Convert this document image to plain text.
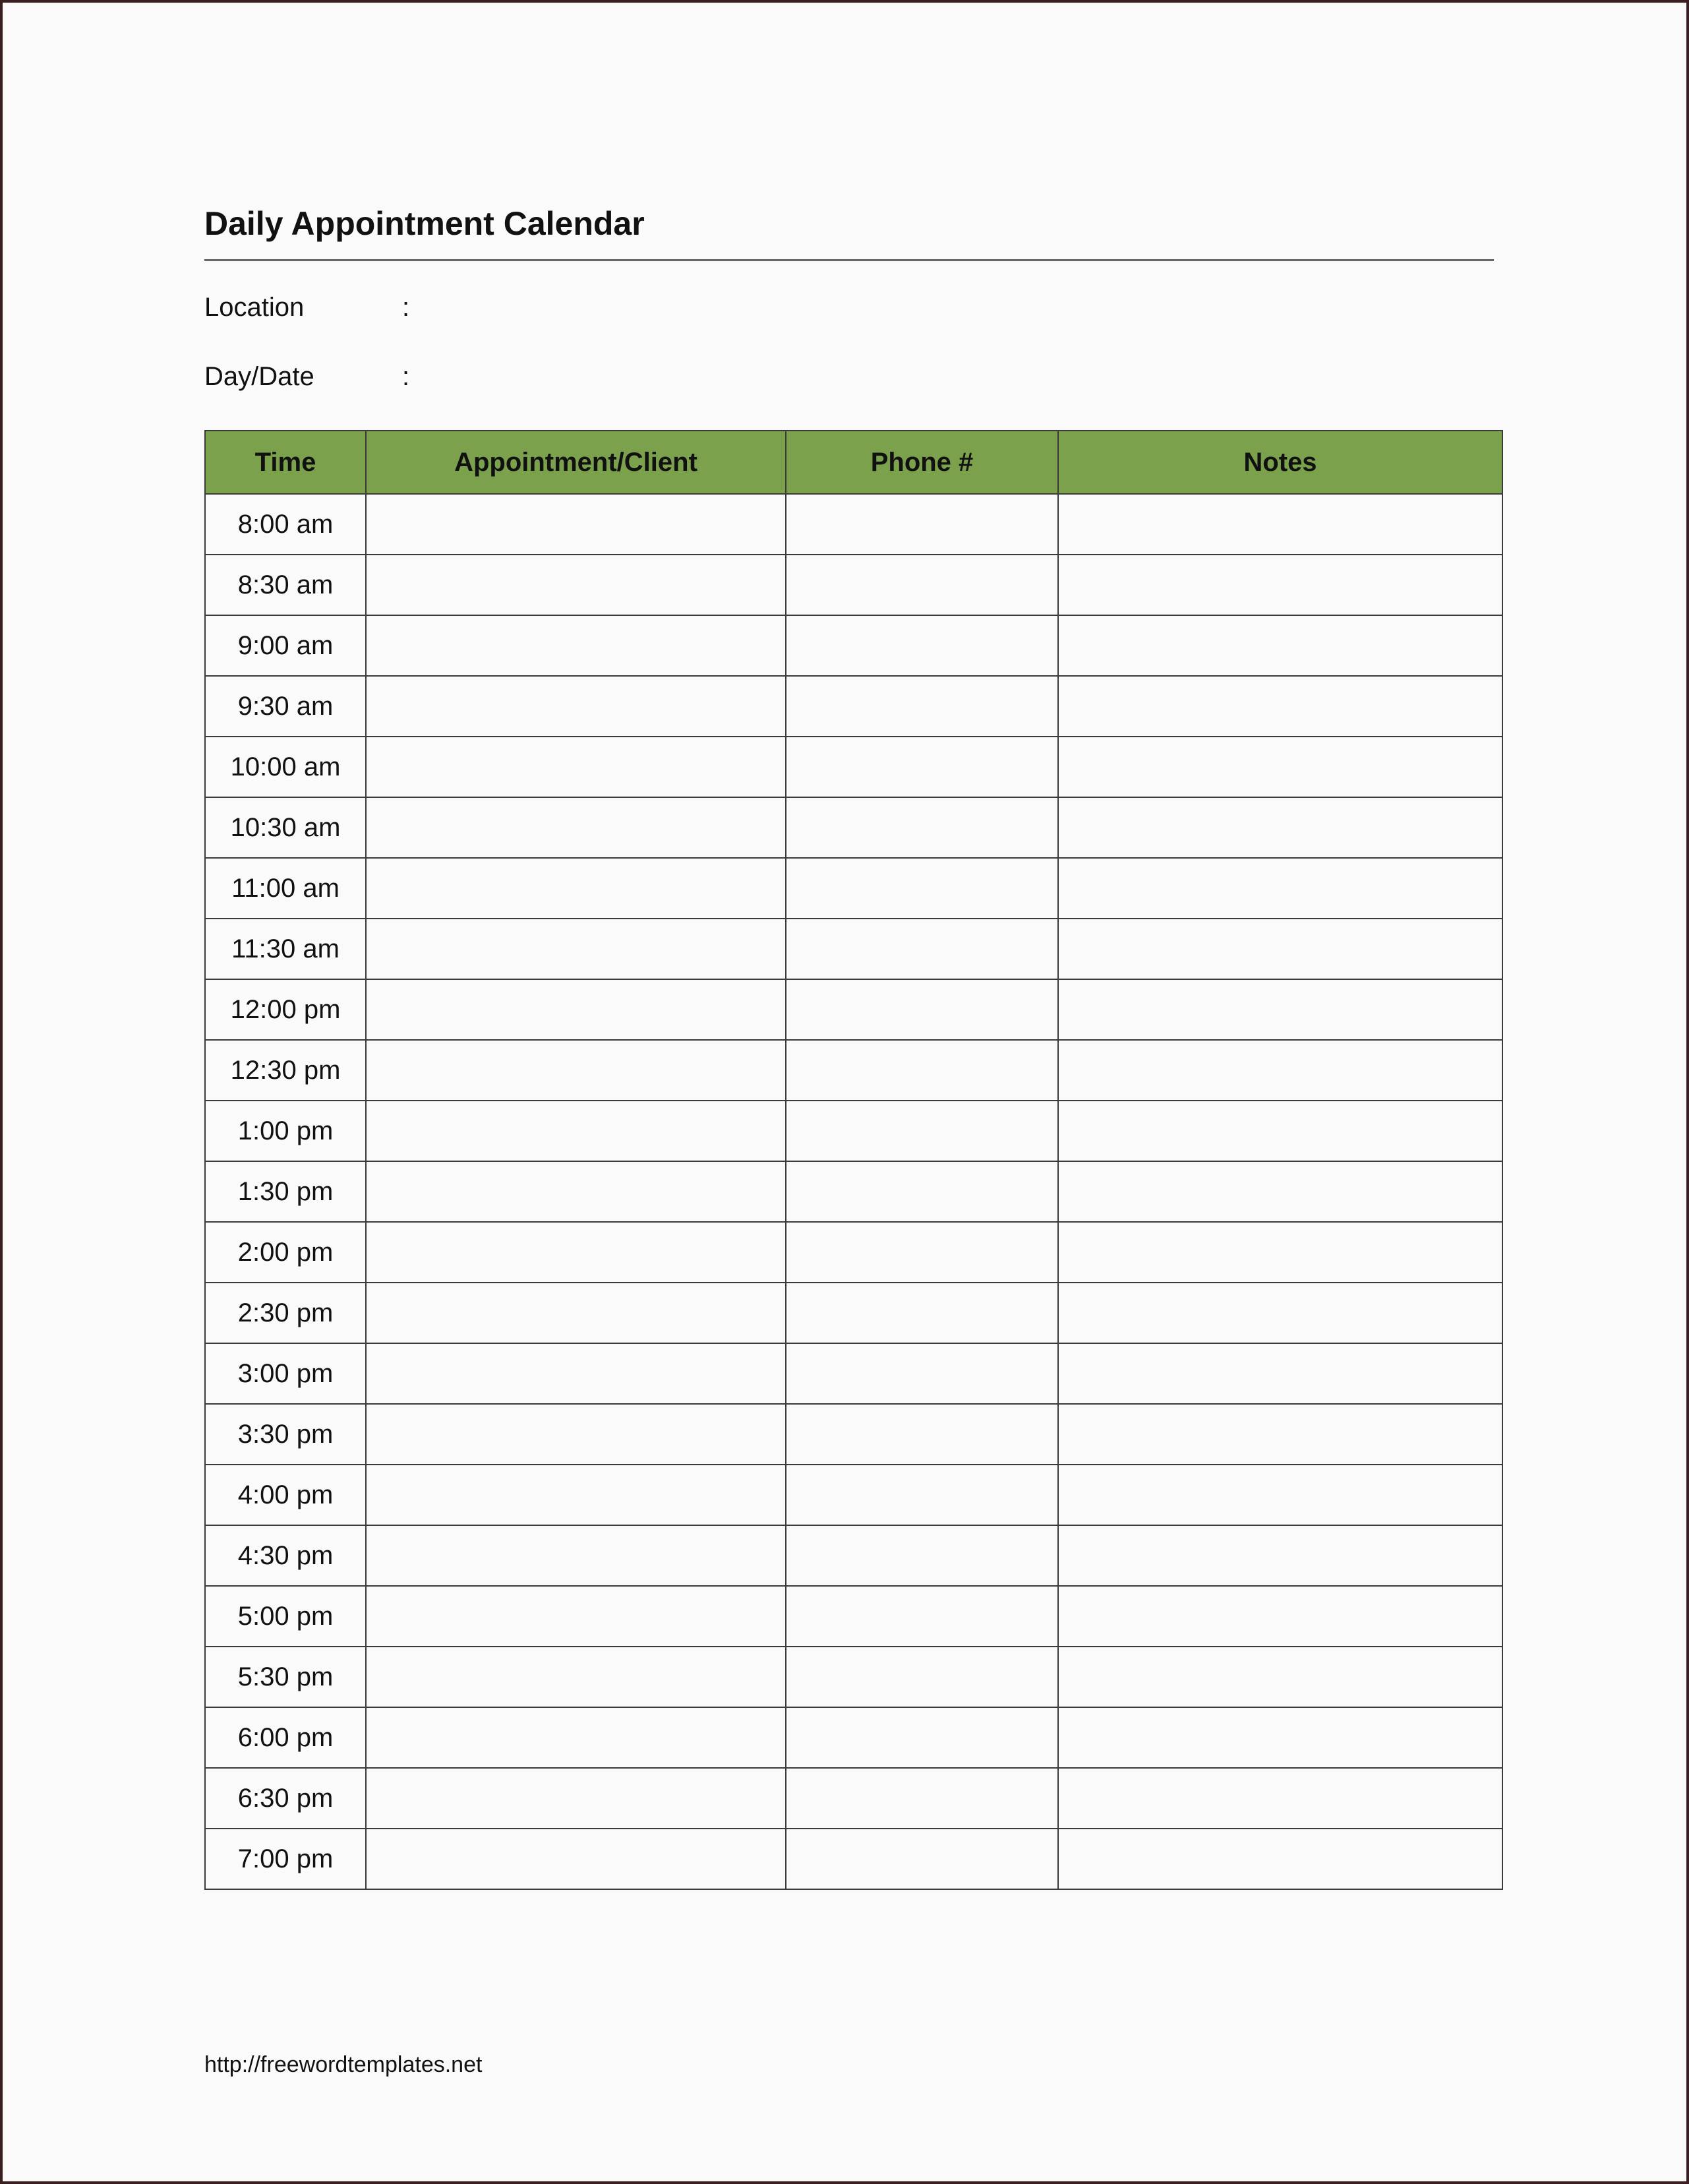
Daily Appointment Calendar
Location	:
Day/Date	:
Time	Appointment/Client	Phone #	Notes
8:00 am			
8:30 am			
9:00 am			
9:30 am			
10:00 am			
10:30 am			
11:00 am			
11:30 am			
12:00 pm			
12:30 pm			
1:00 pm			
1:30 pm			
2:00 pm			
2:30 pm			
3:00 pm			
3:30 pm			
4:00 pm			
4:30 pm			
5:00 pm			
5:30 pm			
6:00 pm			
6:30 pm			
7:00 pm			
http://freewordtemplates.net
